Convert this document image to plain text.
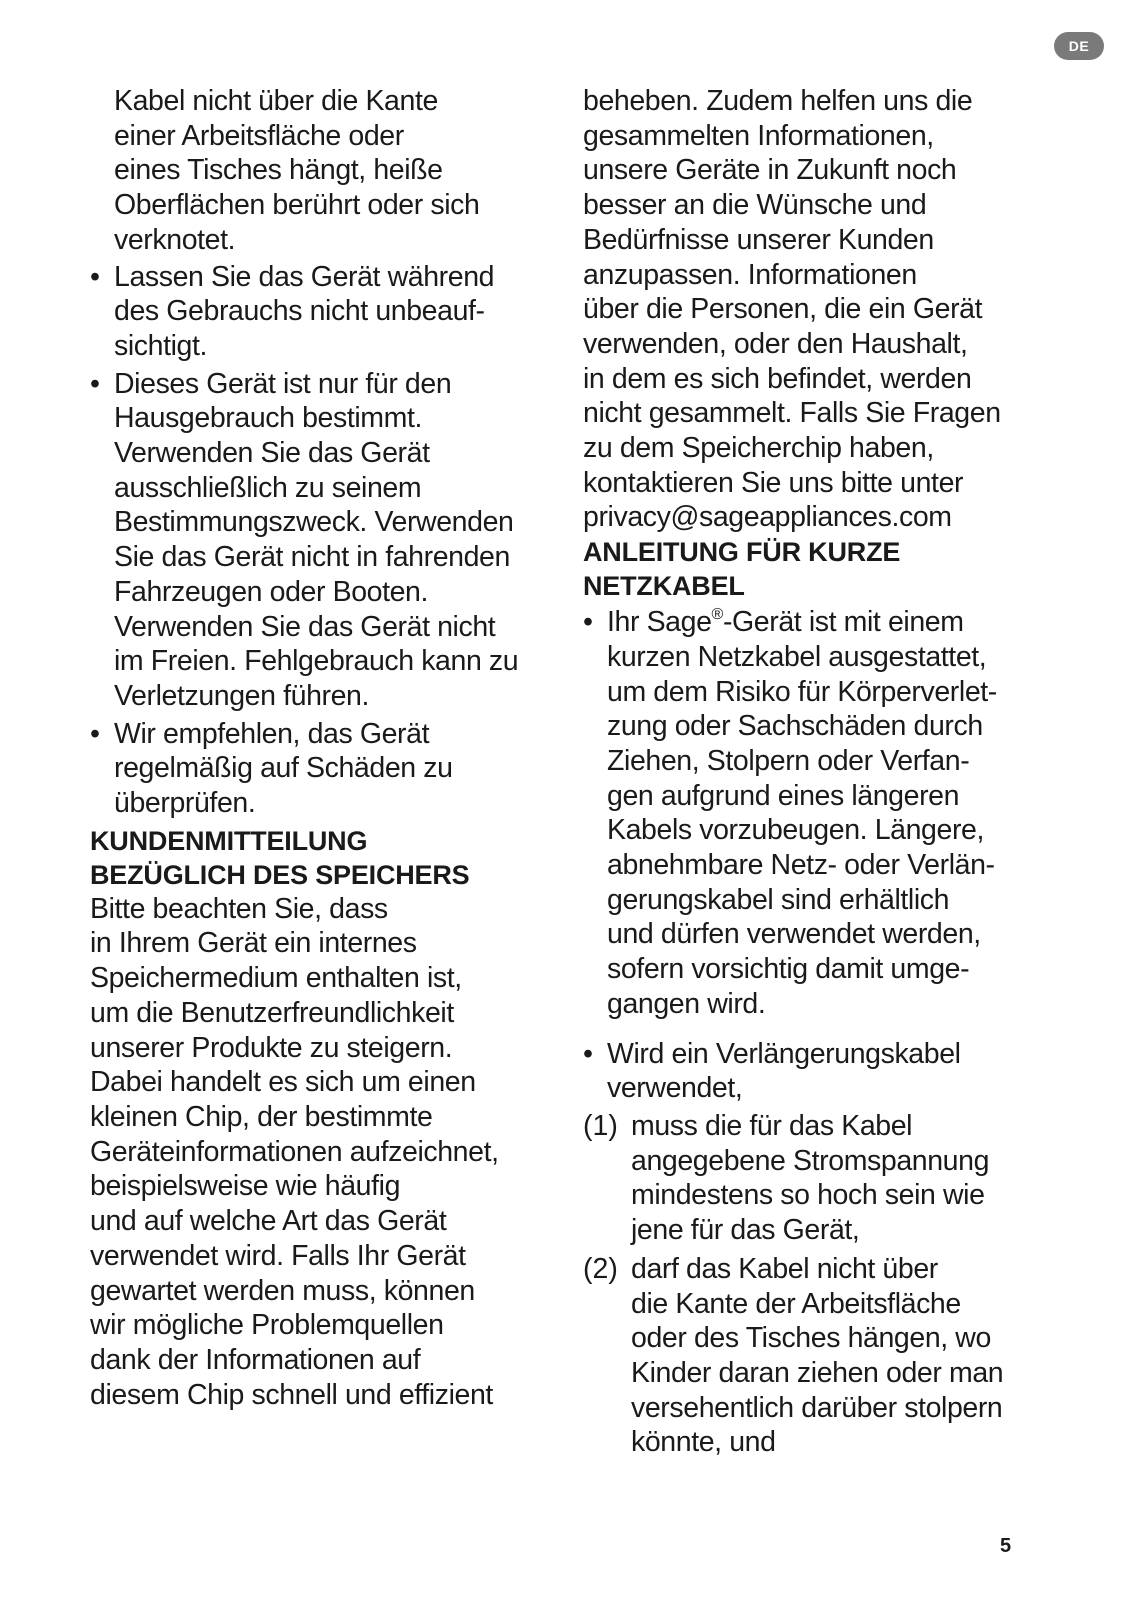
DE

Kabel nicht über die Kante
einer Arbeitsfläche oder
eines Tisches hängt, heiße
Oberflächen berührt oder sich
verknotet.

• Lassen Sie das Gerät während
des Gebrauchs nicht unbeauf-
sichtigt.

• Dieses Gerät ist nur für den
Hausgebrauch bestimmt.
Verwenden Sie das Gerät
ausschließlich zu seinem
Bestimmungszweck. Verwenden
Sie das Gerät nicht in fahrenden
Fahrzeugen oder Booten.
Verwenden Sie das Gerät nicht
im Freien. Fehlgebrauch kann zu
Verletzungen führen.

• Wir empfehlen, das Gerät
regelmäßig auf Schäden zu
überprüfen.

KUNDENMITTEILUNG
BEZÜGLICH DES SPEICHERS

Bitte beachten Sie, dass
in Ihrem Gerät ein internes
Speichermedium enthalten ist,
um die Benutzerfreundlichkeit
unserer Produkte zu steigern.
Dabei handelt es sich um einen
kleinen Chip, der bestimmte
Geräteinformationen aufzeichnet,
beispielsweise wie häufig
und auf welche Art das Gerät
verwendet wird. Falls Ihr Gerät
gewartet werden muss, können
wir mögliche Problemquellen
dank der Informationen auf
diesem Chip schnell und effizient

beheben. Zudem helfen uns die
gesammelten Informationen,
unsere Geräte in Zukunft noch
besser an die Wünsche und
Bedürfnisse unserer Kunden
anzupassen. Informationen
über die Personen, die ein Gerät
verwenden, oder den Haushalt,
in dem es sich befindet, werden
nicht gesammelt. Falls Sie Fragen
zu dem Speicherchip haben,
kontaktieren Sie uns bitte unter
privacy@sageappliances.com

ANLEITUNG FÜR KURZE
NETZKABEL
• Ihr Sage®-Gerät ist mit einem
kurzen Netzkabel ausgestattet,
um dem Risiko für Körperverlet-
zung oder Sachschäden durch
Ziehen, Stolpern oder Verfan-
gen aufgrund eines längeren
Kabels vorzubeugen. Längere,
abnehmbare Netz- oder Verlän-
gerungskabel sind erhältlich
und dürfen verwendet werden,
sofern vorsichtig damit umge-
gangen wird.

• Wird ein Verlängerungskabel
verwendet,

(1) muss die für das Kabel
angegebene Stromspannung
mindestens so hoch sein wie
jene für das Gerät,

(2) darf das Kabel nicht über
die Kante der Arbeitsfläche
oder des Tisches hängen, wo
Kinder daran ziehen oder man
versehentlich darüber stolpern
könnte, und

5
